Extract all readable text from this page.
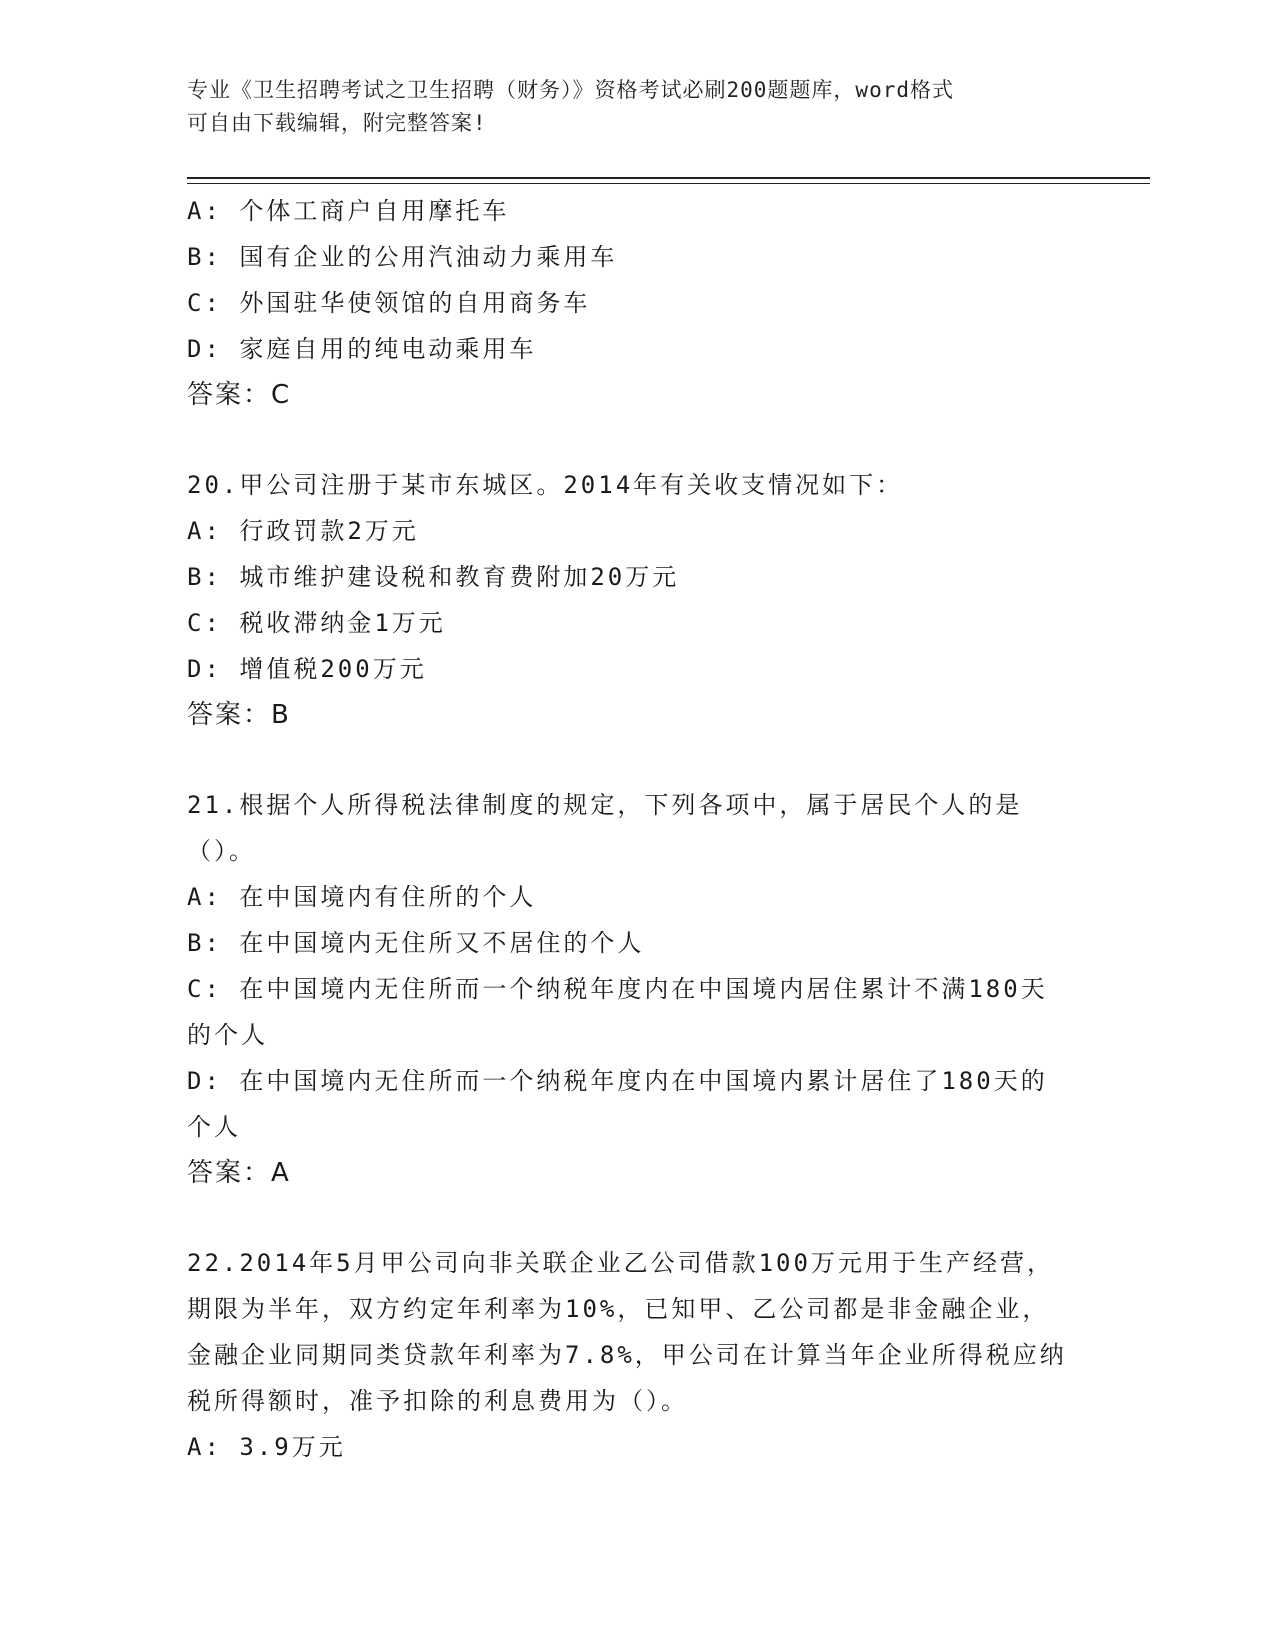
专业《卫生招聘考试之卫生招聘（财务）》资格考试必刷200题题库，word格式
可自由下载编辑，附完整答案!

A: 个体工商户自用摩托车

B: 国有企业的公用汽油动力乘用车

C: 外国驻华使领馆的自用商务车

D: 家庭自用的纯电动乘用车

答案：C

20.甲公司注册于某市东城区。2014年有关收支情况如下：

A: 行政罚款2万元

B: 城市维护建设税和教育费附加20万元

C: 税收滞纳金1万元

D: 增值税200万元

答案：B

21.根据个人所得税法律制度的规定，下列各项中，属于居民个人的是（）。

A: 在中国境内有住所的个人

B: 在中国境内无住所又不居住的个人

C: 在中国境内无住所而一个纳税年度内在中国境内居住累计不满180天的个人

D: 在中国境内无住所而一个纳税年度内在中国境内累计居住了180天的个人

答案：A

22.2014年5月甲公司向非关联企业乙公司借款100万元用于生产经营，期限为半年，双方约定年利率为10%，已知甲、乙公司都是非金融企业，金融企业同期同类贷款年利率为7.8%，甲公司在计算当年企业所得税应纳税所得额时，准予扣除的利息费用为（）。

A: 3.9万元
